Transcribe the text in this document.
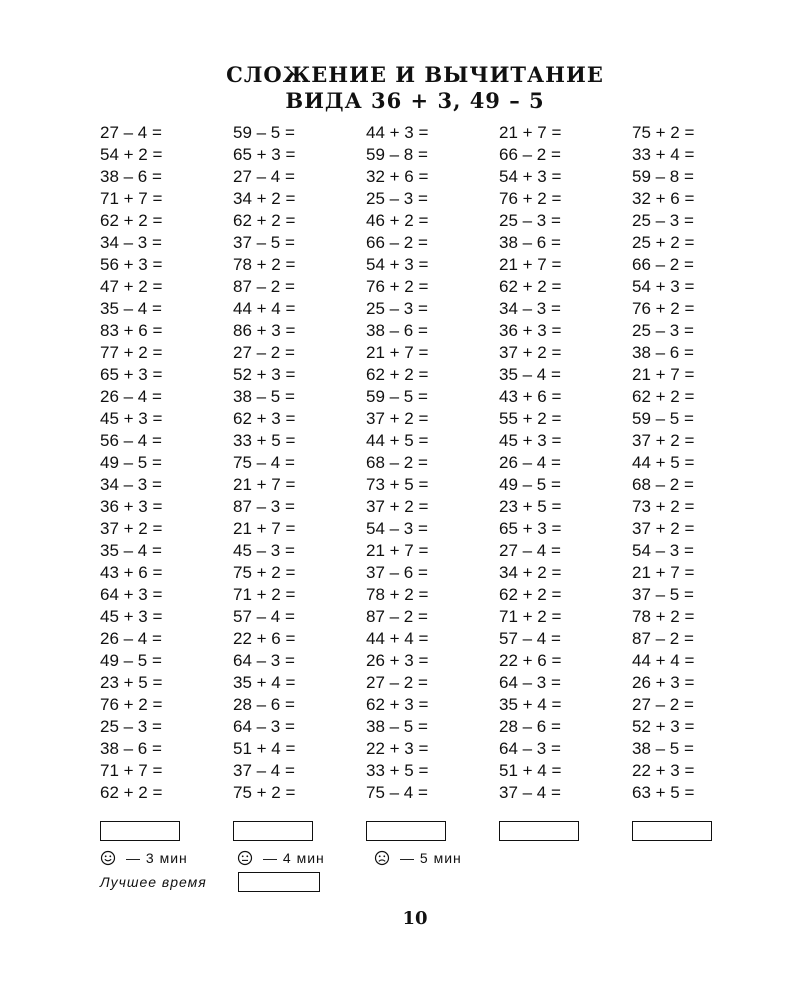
СЛОЖЕНИЕ И ВЫЧИТАНИЕ
ВИДА 36 + 3, 49 – 5
27 – 4 =
54 + 2 =
38 – 6 =
71 + 7 =
62 + 2 =
34 – 3 =
56 + 3 =
47 + 2 =
35 – 4 =
83 + 6 =
77 + 2 =
65 + 3 =
26 – 4 =
45 + 3 =
56 – 4 =
49 – 5 =
34 – 3 =
36 + 3 =
37 + 2 =
35 – 4 =
43 + 6 =
64 + 3 =
45 + 3 =
26 – 4 =
49 – 5 =
23 + 5 =
76 + 2 =
25 – 3 =
38 – 6 =
71 + 7 =
62 + 2 =
59 – 5 =
65 + 3 =
27 – 4 =
34 + 2 =
62 + 2 =
37 – 5 =
78 + 2 =
87 – 2 =
44 + 4 =
86 + 3 =
27 – 2 =
52 + 3 =
38 – 5 =
62 + 3 =
33 + 5 =
75 – 4 =
21 + 7 =
87 – 3 =
21 + 7 =
45 – 3 =
75 + 2 =
71 + 2 =
57 – 4 =
22 + 6 =
64 – 3 =
35 + 4 =
28 – 6 =
64 – 3 =
51 + 4 =
37 – 4 =
75 + 2 =
44 + 3 =
59 – 8 =
32 + 6 =
25 – 3 =
46 + 2 =
66 – 2 =
54 + 3 =
76 + 2 =
25 – 3 =
38 – 6 =
21 + 7 =
62 + 2 =
59 – 5 =
37 + 2 =
44 + 5 =
68 – 2 =
73 + 5 =
37 + 2 =
54 – 3 =
21 + 7 =
37 – 6 =
78 + 2 =
87 – 2 =
44 + 4 =
26 + 3 =
27 – 2 =
62 + 3 =
38 – 5 =
22 + 3 =
33 + 5 =
75 – 4 =
21 + 7 =
66 – 2 =
54 + 3 =
76 + 2 =
25 – 3 =
38 – 6 =
21 + 7 =
62 + 2 =
34 – 3 =
36 + 3 =
37 + 2 =
35 – 4 =
43 + 6 =
55 + 2 =
45 + 3 =
26 – 4 =
49 – 5 =
23 + 5 =
65 + 3 =
27 – 4 =
34 + 2 =
62 + 2 =
71 + 2 =
57 – 4 =
22 + 6 =
64 – 3 =
35 + 4 =
28 – 6 =
64 – 3 =
51 + 4 =
37 – 4 =
75 + 2 =
33 + 4 =
59 – 8 =
32 + 6 =
25 – 3 =
25 + 2 =
66 – 2 =
54 + 3 =
76 + 2 =
25 – 3 =
38 – 6 =
21 + 7 =
62 + 2 =
59 – 5 =
37 + 2 =
44 + 5 =
68 – 2 =
73 + 2 =
37 + 2 =
54 – 3 =
21 + 7 =
37 – 5 =
78 + 2 =
87 – 2 =
44 + 4 =
26 + 3 =
27 – 2 =
52 + 3 =
38 – 5 =
22 + 3 =
63 + 5 =
— 3 мин	— 4 мин	— 5 мин
Лучшее время
10
